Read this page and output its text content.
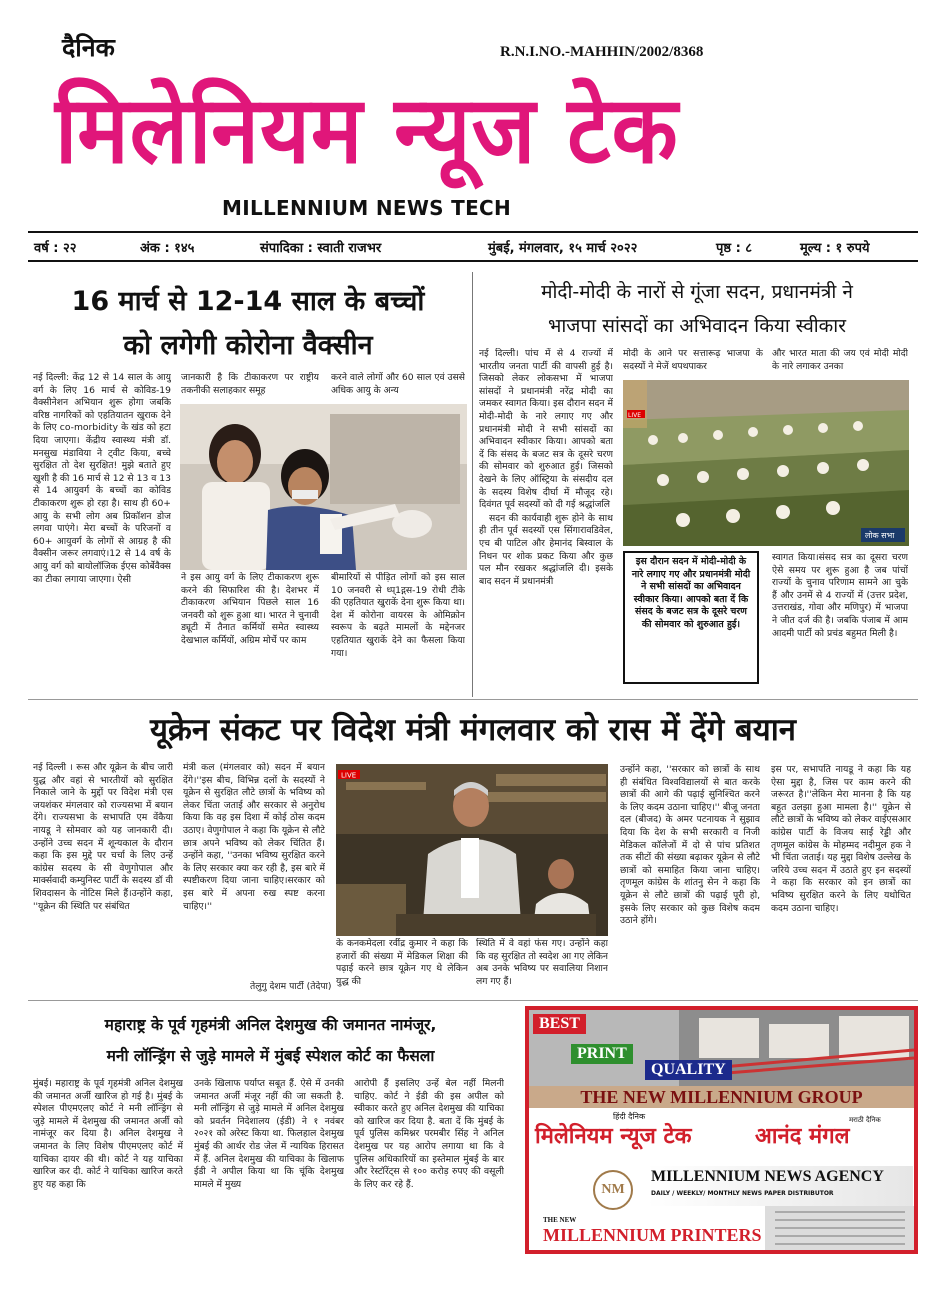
दैनिक	R.N.I.NO.-MAHHIN/2002/8368
मिलेनियम न्यूज टेक
MILLENNIUM NEWS TECH
वर्ष : २२	अंक : १४५	संपादिका : स्वाती राजभर	मुंबई, मंगलवार, १५ मार्च २०२२	पृष्ठ : ८	मूल्य : १ रुपये
16 मार्च से 12-14 साल के बच्चों
को लगेगी कोरोना वैक्सीन

नई दिल्ली: केंद्र 12 से 14 साल के आयु वर्ग के लिए 16 मार्च से कोविड-19 वैक्सीनेशन अभियान शुरू होगा जबकि वरिष्ठ नागरिकों को एहतियातन खुराक देने के लिए co-morbidity के खंड को हटा दिया जाएगा। केंद्रीय स्वास्थ्य मंत्री डॉ. मनसुख मंडाविया ने ट्वीट किया, बच्चे सुरक्षित तो देश सुरक्षित! मुझे बताते हुए खुशी है की 16 मार्च से 12 से 13 व 13 से 14 आयुवर्ग के बच्चों का कोविड टीकाकरण शुरू हो रहा है। साथ ही 60+ आयु के सभी लोग अब प्रिकॉशन डोज लगवा पाएंगे। मेरा बच्चों के परिजनों व 60+ आयुवर्ग के लोगों से आग्रह है की वैक्सीन जरूर लगवाएं।12 से 14 वर्ष के आयु वर्ग को बायोलॉजिक ईएस कोर्बेवैक्स का टीका लगाया जाएगा। ऐसी

जानकारी है कि टीकाकरण पर राष्ट्रीय तकनीकी सलाहकार समूह

करने वाले लोगों और 60 साल एवं उससे अधिक आयु के अन्य

ने इस आयु वर्ग के लिए टीकाकरण शुरू करने की सिफारिश की है। देशभर में टीकाकरण अभियान पिछले साल 16 जनवरी को शुरू हुआ था। भारत ने चुनावी ड्यूटी में तैनात कर्मियों समेत स्वास्थ्य देखभाल कर्मियों, अग्रिम मोर्चे पर काम

बीमारियों से पीड़ित लोगों को इस साल 10 जनवरी से ध्प्1द्गस-19 रोधी टीके की एहतियात खुराकें देना शुरू किया था। देश में कोरोना वायरस के ओमिक्रोन स्वरूप के बढ़ते मामलों के मद्देनजर एहतियात खुराकें देने का फैसला किया गया।

मोदी-मोदी के नारों से गूंजा सदन, प्रधानमंत्री ने
भाजपा सांसदों का अभिवादन किया स्वीकार

नई दिल्ली। पांच में से 4 राज्यों में भारतीय जनता पार्टी की वापसी हुई है। जिसको लेकर लोकसभा में भाजपा सांसदों ने प्रधानमंत्री नरेंद्र मोदी का जमकर स्वागत किया। इस दौरान सदन में मोदी-मोदी के नारे लगाए गए और प्रधानमंत्री मोदी ने सभी सांसदों का अभिवादन स्वीकार किया। आपको बता दें कि संसद के बजट सत्र के दूसरे चरण की सोमवार को शुरुआत हुई। जिसको देखने के लिए ऑस्ट्रिया के संसदीय दल के सदस्य विशेष दीर्घा में मौजूद रहे। दिवंगत पूर्व सदस्यों को दी गई श्रद्धांजलि

सदन की कार्यवाही शुरू होने के साथ ही तीन पूर्व सदस्यों एस सिंगारावडिवेल, एच बी पाटिल और हेमानंद बिस्वाल के निधन पर शोक प्रकट किया और कुछ पल मौन रखकर श्रद्धांजलि दी। इसके बाद सदन में प्रधानमंत्री

मोदी के आने पर सत्तारूढ़ भाजपा के सदस्यों ने मेजें थपथपाकर

और भारत माता की जय एवं मोदी मोदी के नारे लगाकर उनका

LIVE
लोक सभा
इस दौरान सदन में मोदी-मोदी के नारे लगाए गए और प्रधानमंत्री मोदी ने सभी सांसदों का अभिवादन स्वीकार किया। आपको बता दें कि संसद के बजट सत्र के दूसरे चरण की सोमवार को शुरुआत हुई।

स्वागत किया।संसद सत्र का दूसरा चरण ऐसे समय पर शुरू हुआ है जब पांचों राज्यों के चुनाव परिणाम सामने आ चुके हैं और उनमें से 4 राज्यों में (उत्तर प्रदेश, उत्तराखंड, गोवा और मणिपुर) में भाजपा ने जीत दर्ज की है। जबकि पंजाब में आम आदमी पार्टी को प्रचंड बहुमत मिली है।

यूक्रेन संकट पर विदेश मंत्री मंगलवार को रास में देंगे बयान

नई दिल्ली । रूस और यूक्रेन के बीच जारी युद्ध और वहां से भारतीयों को सुरक्षित निकाले जाने के मुद्दों पर विदेश मंत्री एस जयशंकर मंगलवार को राज्यसभा में बयान देंगे। राज्यसभा के सभापति एम वेंकैया नायडू ने सोमवार को यह जानकारी दी।उन्होंने उच्च सदन में शून्यकाल के दौरान कहा कि इस मुद्दे पर चर्चा के लिए उन्हें कांग्रेस सदस्य के सी वेणुगोपाल और मार्क्सवादी कम्युनिस्ट पार्टी के सदस्य डॉ वी शिवदासन के नोटिस मिले हैं।उन्होंने कहा, ''यूक्रेन की स्थिति पर संबंधित

मंत्री कल (मंगलवार को) सदन में बयान देंगे।''इस बीच, विभिन्न दलों के सदस्यों ने यूक्रेन से सुरक्षित लौटे छात्रों के भविष्य को लेकर चिंता जताई और सरकार से अनुरोध किया कि वह इस दिशा में कोई ठोस कदम उठाए। वेणुगोपाल ने कहा कि यूक्रेन से लौटे छात्र अपने भविष्य को लेकर चिंतित हैं। उन्होंने कहा, ''उनका भविष्य सुरक्षित करने के लिए सरकार क्या कर रही है, इस बारे में स्पष्टीकरण दिया जाना चाहिए।सरकार को इस बारे में अपना रुख स्पष्ट करना चाहिए।''

तेलुगु देशम पार्टी (तेदेपा)

LIVE

के कनकमेदला रवींद्र कुमार ने कहा कि हजारों की संख्या में मेडिकल शिक्षा की पढ़ाई करने छात्र यूक्रेन गए थे लेकिन युद्ध की

स्थिति में वे वहां फंस गए। उन्होंने कहा कि वह सुरक्षित तो स्वदेश आ गए लेकिन अब उनके भविष्य पर सवालिया निशान लग गए हैं।

उन्होंने कहा, ''सरकार को छात्रों के साथ ही संबंधित विश्वविद्यालयों से बात करके छात्रों की आगे की पढ़ाई सुनिश्चित करने के लिए कदम उठाना चाहिए।'' बीजू जनता दल (बीजद) के अमर पटनायक ने सुझाव दिया कि देश के सभी सरकारी व निजी मेडिकल कॉलेजों में दो से पांच प्रतिशत तक सीटों की संख्या बढ़ाकर यूक्रेन से लौटे छात्रों को समाहित किया जाना चाहिए। तृणमूल कांग्रेस के शांतनु सेन ने कहा कि यूक्रेन से लौटे छात्रों की पढ़ाई पूरी हो, इसके लिए सरकार को कुछ विशेष कदम उठाने होंगे।

इस पर, सभापति नायडू ने कहा कि यह ऐसा मुद्दा है, जिस पर काम करने की जरूरत है।''लेकिन मेरा मानना है कि यह बहुत उलझा हुआ मामला है।'' यूक्रेन से लौटे छात्रों के भविष्य को लेकर वाईएसआर कांग्रेस पार्टी के विजय साई रेड्डी और तृणमूल कांग्रेस के मोहम्मद नदीमुल हक ने भी चिंता जताई। यह मुद्दा विशेष उल्लेख के जरिये उच्च सदन में उठाते हुए इन सदस्यों ने कहा कि सरकार को इन छात्रों का भविष्य सुरक्षित करने के लिए यथोचित कदम उठाना चाहिए।

महाराष्ट्र के पूर्व गृहमंत्री अनिल देशमुख की जमानत नामंजूर,
मनी लॉन्ड्रिंग से जुड़े मामले में मुंबई स्पेशल कोर्ट का फैसला

मुंबई। महाराष्ट्र के पूर्व गृहमंत्री अनिल देशमुख की जमानत अर्जी खारिज हो गई है। मुंबई के स्पेशल पीएमएलए कोर्ट ने मनी लॉन्ड्रिंग से जुड़े मामले में देशमुख की जमानत अर्जी को नामंजूर कर दिया है। अनिल देशमुख ने जमानत के लिए विशेष पीएमएलए कोर्ट में याचिका दायर की थी। कोर्ट ने यह याचिका खारिज कर दी. कोर्ट ने याचिका खारिज करते हुए यह कहा कि

उनके खिलाफ पर्याप्त सबूत हैं. ऐसे में उनकी जमानत अर्जी मंजूर नहीं की जा सकती है. मनी लॉन्ड्रिंग से जुड़े मामले में अनिल देशमुख को प्रवर्तन निदेशालय (ईडी) ने १ नवंबर २०२१ को अरेस्ट किया था. फिलहाल देशमुख मुंबई की आर्थर रोड जेल में न्यायिक हिरासत में हैं. अनिल देशमुख की याचिका के खिलाफ ईडी ने अपील किया था कि चूंकि देशमुख मामले में मुख्य

आरोपी हैं इसलिए उन्हें बेल नहीं मिलनी चाहिए. कोर्ट ने ईडी की इस अपील को स्वीकार करते हुए अनिल देशमुख की याचिका को खारिज कर दिया है. बता दें कि मुंबई के पूर्व पुलिस कमिश्नर परमबीर सिंह ने अनिल देशमुख पर यह आरोप लगाया था कि वे पुलिस अधिकारियों का इस्तेमाल मुंबई के बार और रेस्टॉरेंट्स से १०० करोड़ रुपए की वसूली के लिए कर रहे हैं.

BEST
PRINT
QUALITY
THE NEW MILLENNIUM GROUP
हिंदी दैनिक
मिलेनियम न्यूज टेक
मराठी दैनिक
आनंद मंगल
NM
MILLENNIUM NEWS AGENCY
DAILY / WEEKLY/ MONTHLY NEWS PAPER DISTRIBUTOR
THE NEW
MILLENNIUM PRINTERS
